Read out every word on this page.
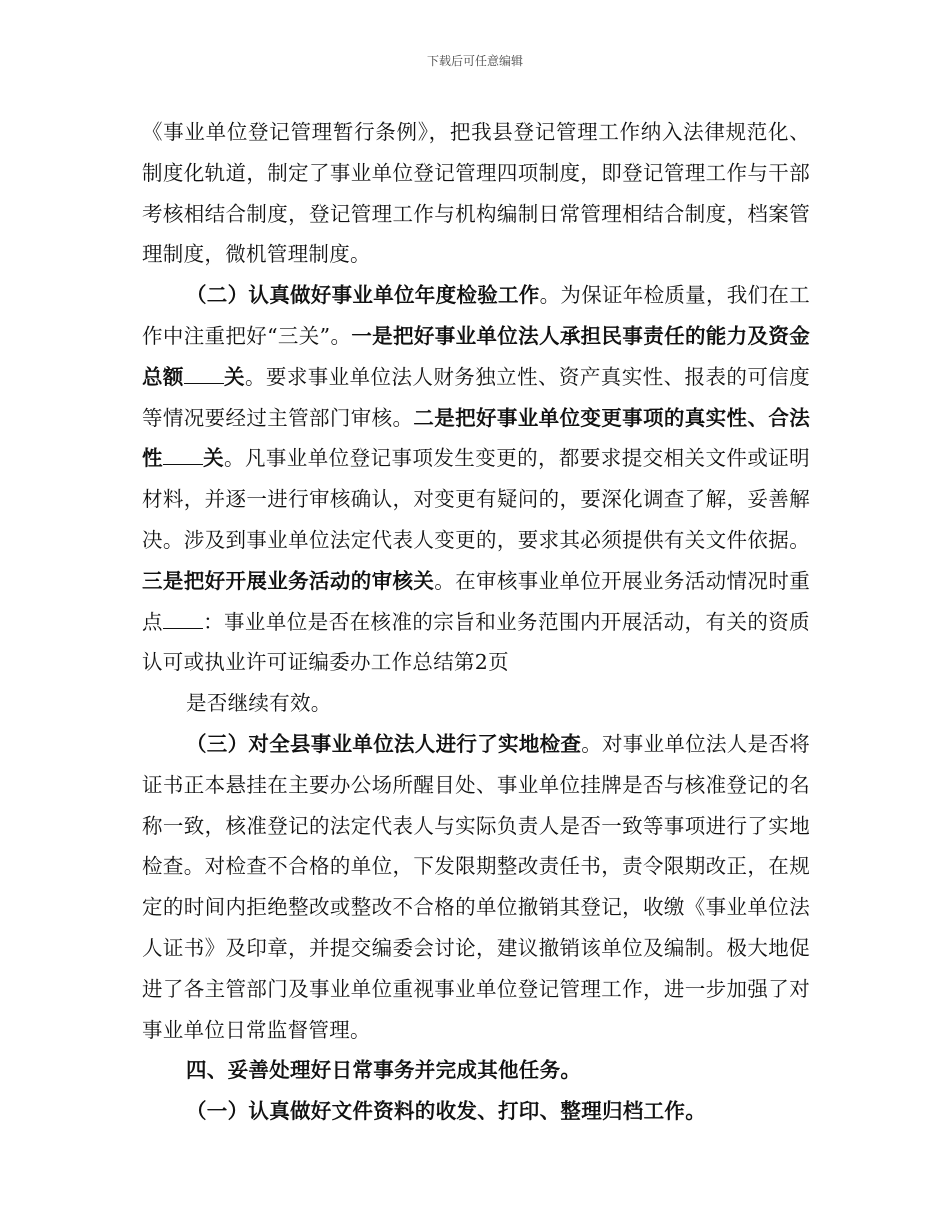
下载后可任意编辑

《事业单位登记管理暂行条例》，把我县登记管理工作纳入法律规范化、制度化轨道，制定了事业单位登记管理四项制度，即登记管理工作与干部考核相结合制度，登记管理工作与机构编制日常管理相结合制度，档案管理制度，微机管理制度。

（二）认真做好事业单位年度检验工作。为保证年检质量，我们在工作中注重把好“三关”。一是把好事业单位法人承担民事责任的能力及资金总额 关。要求事业单位法人财务独立性、资产真实性、报表的可信度等情况要经过主管部门审核。二是把好事业单位变更事项的真实性、合法性 关。凡事业单位登记事项发生变更的，都要求提交相关文件或证明材料，并逐一进行审核确认，对变更有疑问的，要深化调查了解，妥善解决。涉及到事业单位法定代表人变更的，要求其必须提供有关文件依据。三是把好开展业务活动的审核关。在审核事业单位开展业务活动情况时重点 ：事业单位是否在核准的宗旨和业务范围内开展活动，有关的资质认可或执业许可证编委办工作总结第2页

是否继续有效。

（三）对全县事业单位法人进行了实地检查。对事业单位法人是否将证书正本悬挂在主要办公场所醒目处、事业单位挂牌是否与核准登记的名称一致，核准登记的法定代表人与实际负责人是否一致等事项进行了实地检查。对检查不合格的单位，下发限期整改责任书，责令限期改正，在规定的时间内拒绝整改或整改不合格的单位撤销其登记，收缴《事业单位法人证书》及印章，并提交编委会讨论，建议撤销该单位及编制。极大地促进了各主管部门及事业单位重视事业单位登记管理工作，进一步加强了对事业单位日常监督管理。

四、妥善处理好日常事务并完成其他任务。

（一）认真做好文件资料的收发、打印、整理归档工作。
